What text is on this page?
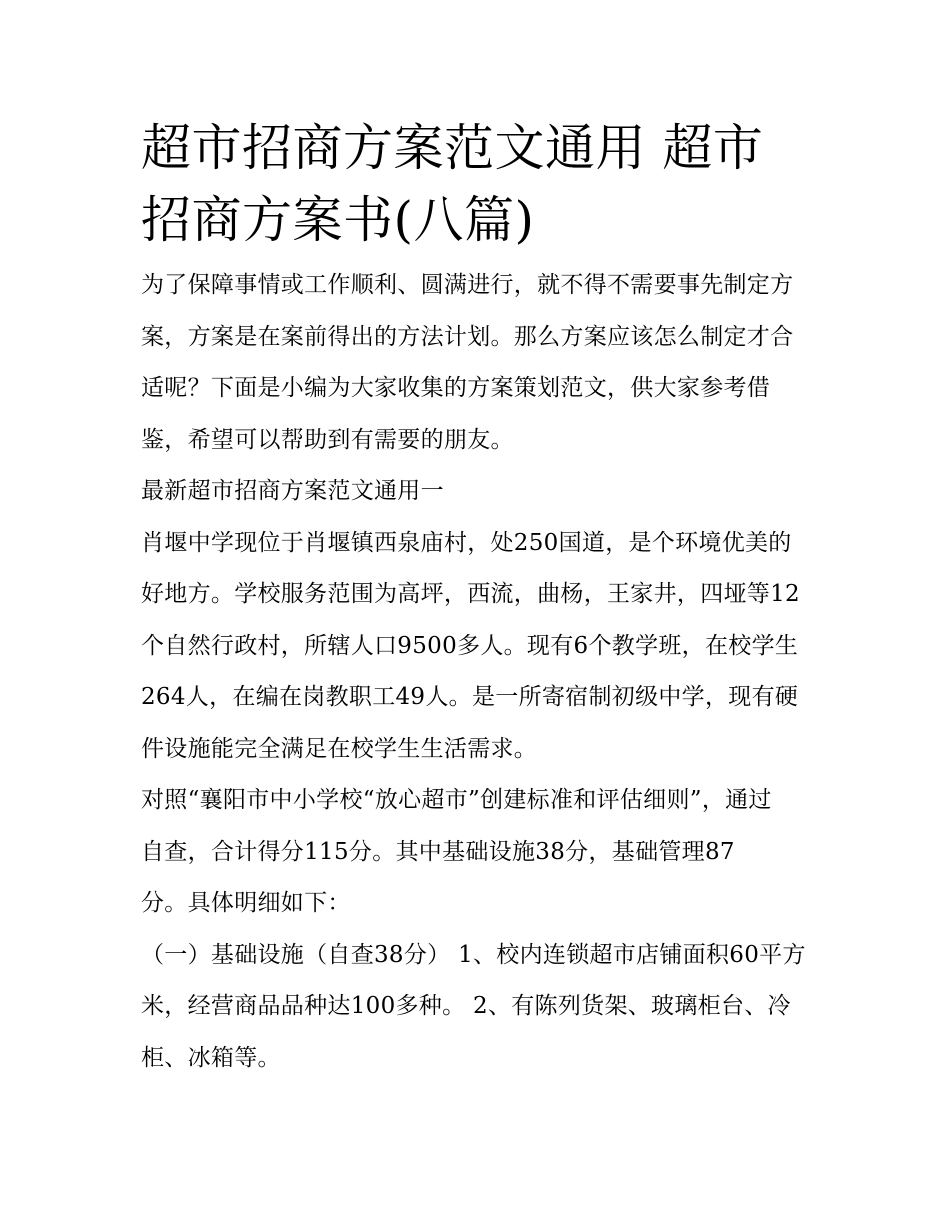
超市招商方案范文通用 超市招商方案书(八篇)

为了保障事情或工作顺利、圆满进行，就不得不需要事先制定方案，方案是在案前得出的方法计划。那么方案应该怎么制定才合适呢？下面是小编为大家收集的方案策划范文，供大家参考借鉴，希望可以帮助到有需要的朋友。

最新超市招商方案范文通用一

肖堰中学现位于肖堰镇西泉庙村，处250国道，是个环境优美的好地方。学校服务范围为高坪，西流，曲杨，王家井，四垭等12个自然行政村，所辖人口9500多人。现有6个教学班，在校学生264人，在编在岗教职工49人。是一所寄宿制初级中学，现有硬件设施能完全满足在校学生生活需求。

对照“襄阳市中小学校“放心超市”创建标准和评估细则”，通过

自查，合计得分115分。其中基础设施38分，基础管理87

分。具体明细如下：

（一）基础设施（自查38分） 1、校内连锁超市店铺面积60平方米，经营商品品种达100多种。 2、有陈列货架、玻璃柜台、冷柜、冰箱等。
